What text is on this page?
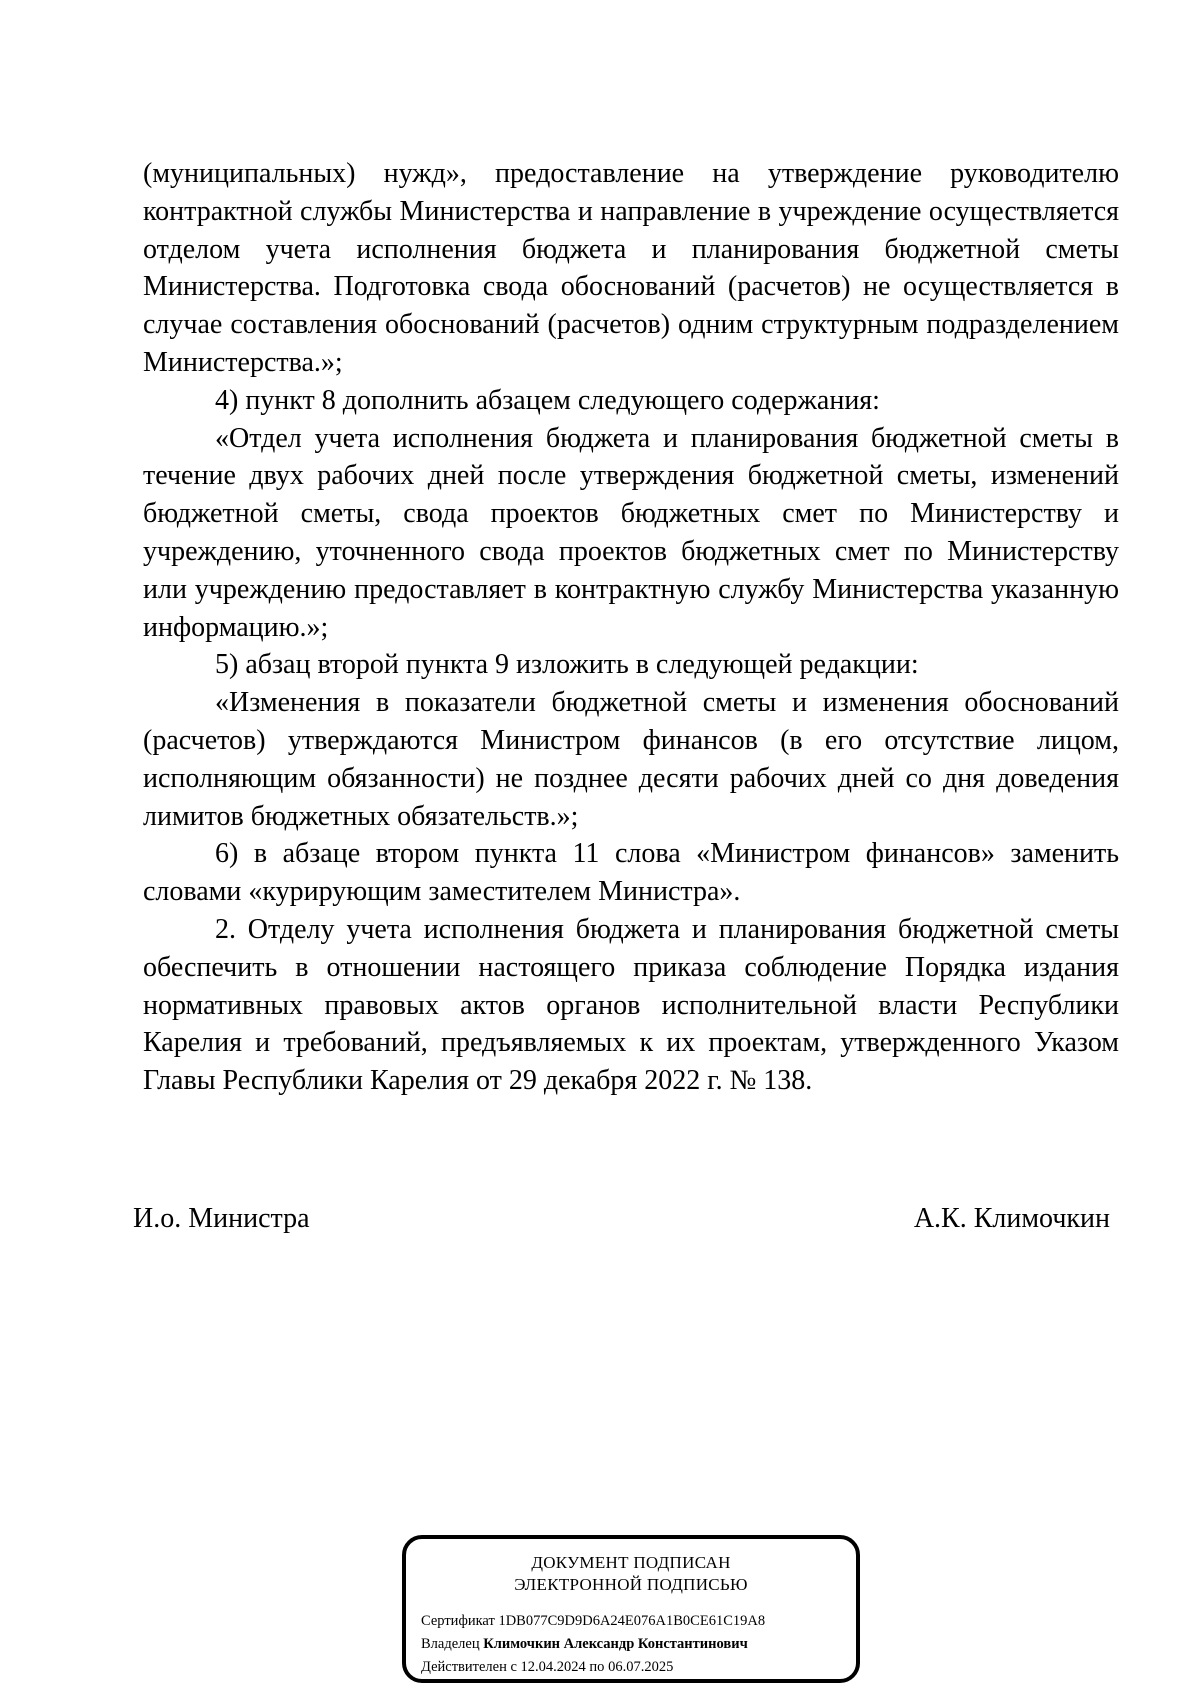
(муниципальных) нужд», предоставление на утверждение руководителю контрактной службы Министерства и направление в учреждение осуществляется отделом учета исполнения бюджета и планирования бюджетной сметы Министерства. Подготовка свода обоснований (расчетов) не осуществляется в случае составления обоснований (расчетов) одним структурным подразделением Министерства.»;

4) пункт 8 дополнить абзацем следующего содержания:

«Отдел учета исполнения бюджета и планирования бюджетной сметы в течение двух рабочих дней после утверждения бюджетной сметы, изменений бюджетной сметы, свода проектов бюджетных смет по Министерству и учреждению, уточненного свода проектов бюджетных смет по Министерству или учреждению предоставляет в контрактную службу Министерства указанную информацию.»;

5) абзац второй пункта 9 изложить в следующей редакции:

«Изменения в показатели бюджетной сметы и изменения обоснований (расчетов) утверждаются Министром финансов (в его отсутствие лицом, исполняющим обязанности) не позднее десяти рабочих дней со дня доведения лимитов бюджетных обязательств.»;

6) в абзаце втором пункта 11 слова «Министром финансов» заменить словами «курирующим заместителем Министра».

2. Отделу учета исполнения бюджета и планирования бюджетной сметы обеспечить в отношении настоящего приказа соблюдение Порядка издания нормативных правовых актов органов исполнительной власти Республики Карелия и требований, предъявляемых к их проектам, утвержденного Указом Главы Республики Карелия от 29 декабря 2022 г. № 138.

И.о. Министра	А.К. Климочкин
ДОКУМЕНТ ПОДПИСАН
ЭЛЕКТРОННОЙ ПОДПИСЬЮ
Сертификат 1DB077C9D9D6A24E076A1B0CE61C19A8
Владелец Климочкин Александр Константинович
Действителен с 12.04.2024 по 06.07.2025
